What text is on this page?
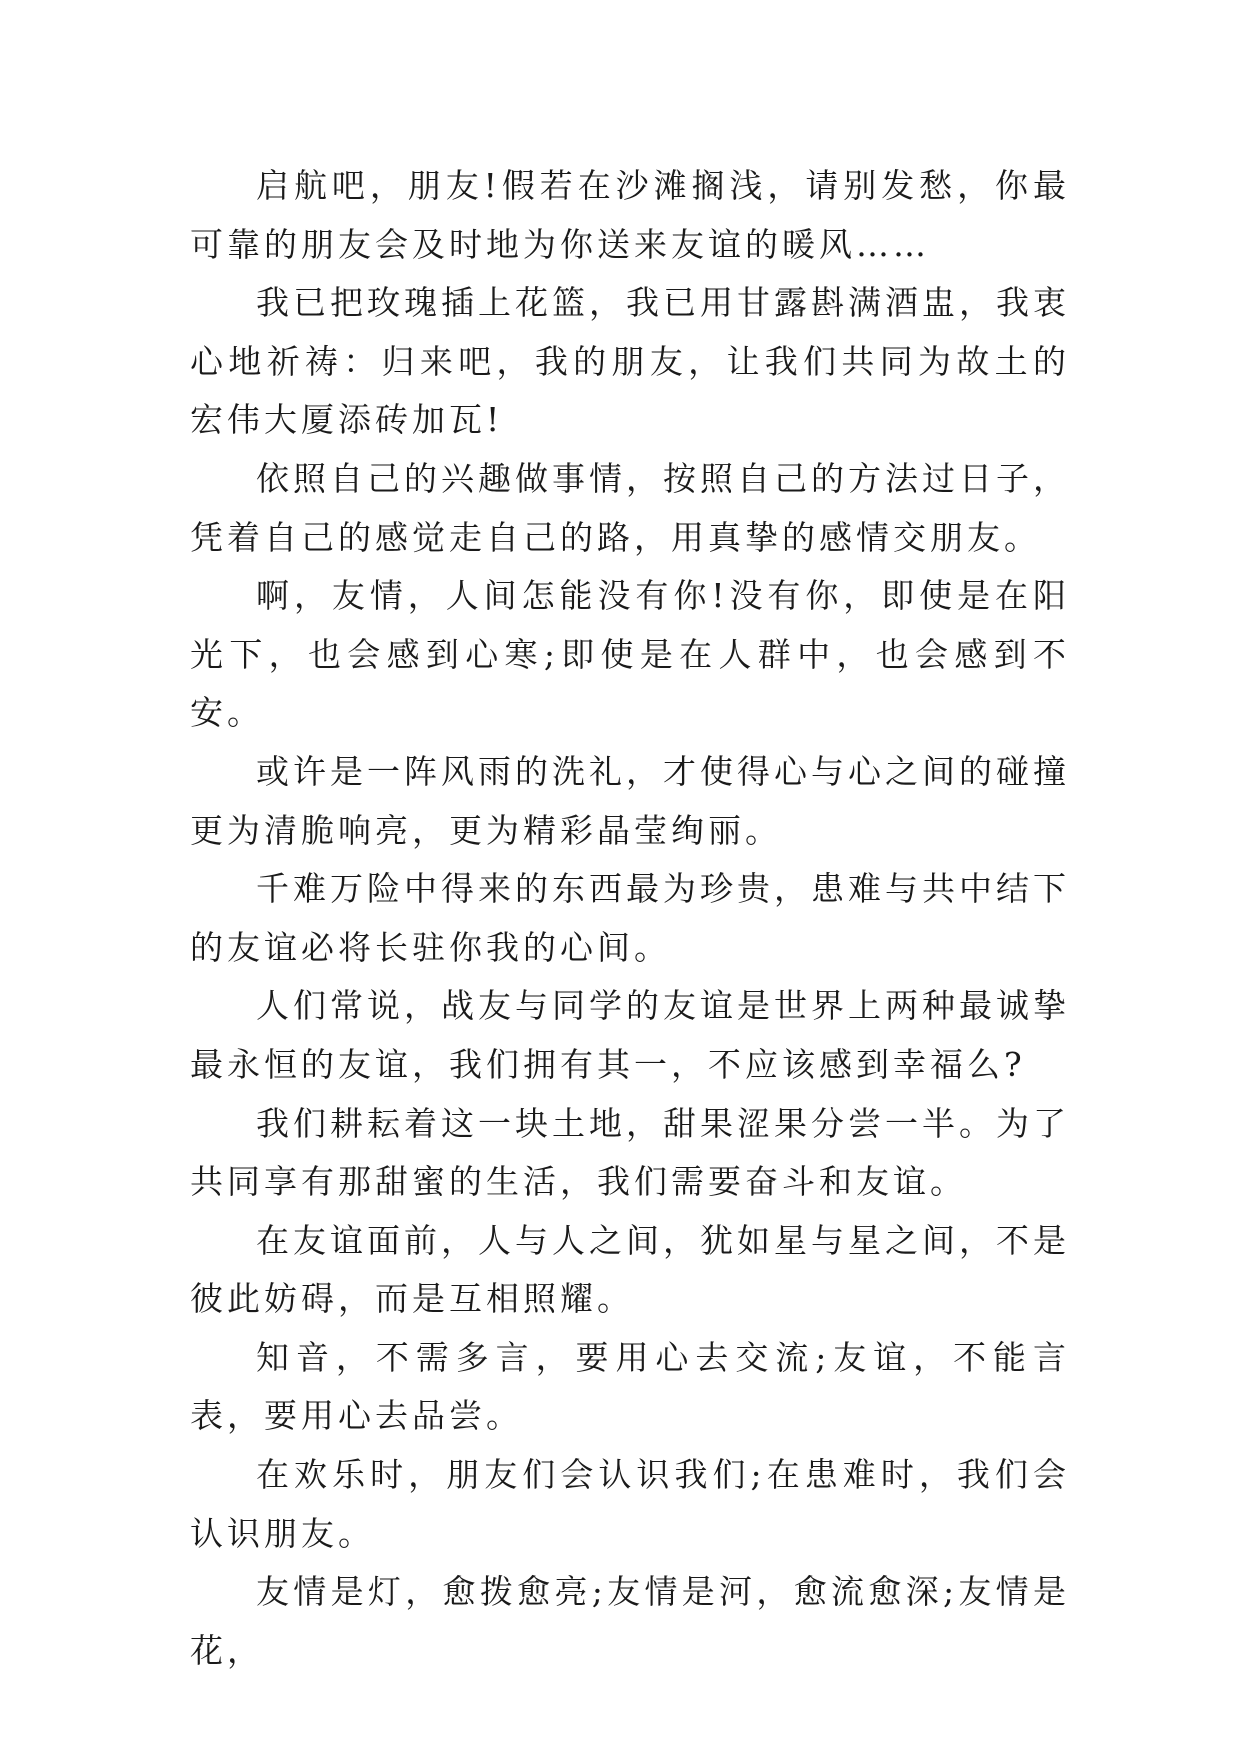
启航吧，朋友!假若在沙滩搁浅，请别发愁，你最可靠的朋友会及时地为你送来友谊的暖风……

我已把玫瑰插上花篮，我已用甘露斟满酒盅，我衷心地祈祷：归来吧，我的朋友，让我们共同为故土的宏伟大厦添砖加瓦!

依照自己的兴趣做事情，按照自己的方法过日子，凭着自己的感觉走自己的路，用真挚的感情交朋友。

啊，友情，人间怎能没有你!没有你，即使是在阳光下，也会感到心寒;即使是在人群中，也会感到不安。

或许是一阵风雨的洗礼，才使得心与心之间的碰撞更为清脆响亮，更为精彩晶莹绚丽。

千难万险中得来的东西最为珍贵，患难与共中结下的友谊必将长驻你我的心间。

人们常说，战友与同学的友谊是世界上两种最诚挚最永恒的友谊，我们拥有其一，不应该感到幸福么?

我们耕耘着这一块土地，甜果涩果分尝一半。为了共同享有那甜蜜的生活，我们需要奋斗和友谊。

在友谊面前，人与人之间，犹如星与星之间，不是彼此妨碍，而是互相照耀。

知音，不需多言，要用心去交流;友谊，不能言表，要用心去品尝。

在欢乐时，朋友们会认识我们;在患难时，我们会认识朋友。

友情是灯，愈拨愈亮;友情是河，愈流愈深;友情是花，
